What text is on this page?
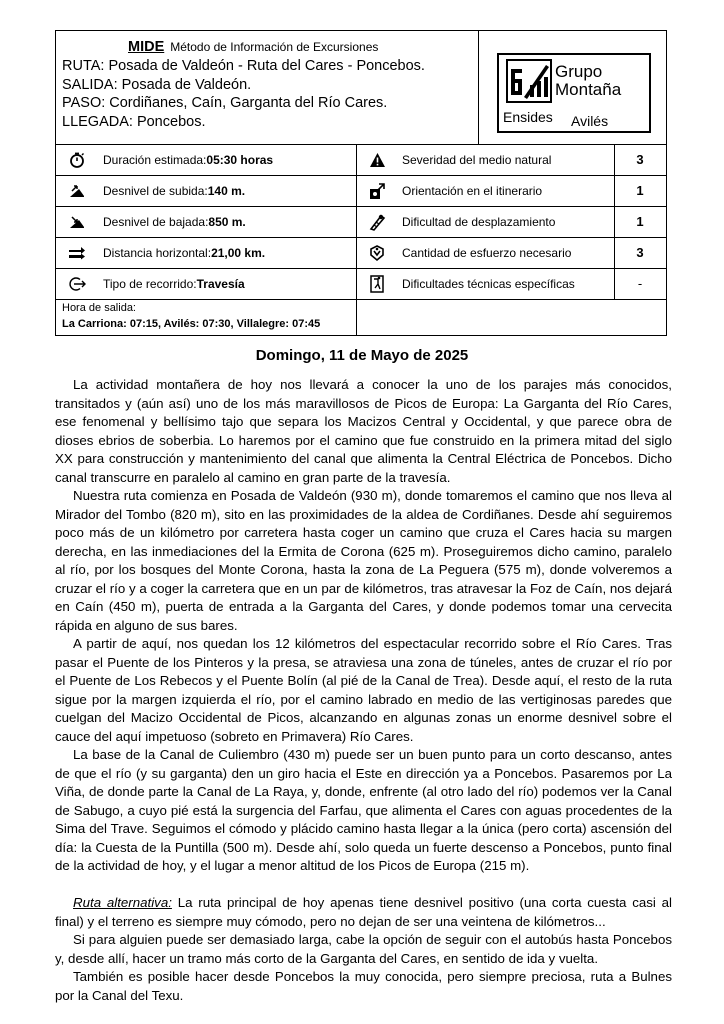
MIDE Método de Información de Excursiones
RUTA: Posada de Valdeón - Ruta del Cares - Poncebos.
SALIDA: Posada de Valdeón.
PASO: Cordiñanes, Caín, Garganta del Río Cares.
LLEGADA: Poncebos.
Grupo
Montaña
Ensides Avilés
Duración estimada: 05:30 horas	Severidad del medio natural	3
Desnivel de subida: 140 m.	Orientación en el itinerario	1
Desnivel de bajada: 850 m.	Dificultad de desplazamiento	1
Distancia horizontal: 21,00 km.	Cantidad de esfuerzo necesario	3
Tipo de recorrido: Travesía	Dificultades técnicas específicas	-
Hora de salida:
La Carriona: 07:15, Avilés: 07:30, Villalegre: 07:45
Domingo, 11 de Mayo de 2025

La actividad montañera de hoy nos llevará a conocer la uno de los parajes más conocidos, transitados y (aún así) uno de los más maravillosos de Picos de Europa: La Garganta del Río Cares, ese fenomenal y bellísimo tajo que separa los Macizos Central y Occidental, y que parece obra de dioses ebrios de soberbia. Lo haremos por el camino que fue construido en la primera mitad del siglo XX para construcción y mantenimiento del canal que alimenta la Central Eléctrica de Poncebos. Dicho canal transcurre en paralelo al camino en gran parte de la travesía.

Nuestra ruta comienza en Posada de Valdeón (930 m), donde tomaremos el camino que nos lleva al Mirador del Tombo (820 m), sito en las proximidades de la aldea de Cordiñanes. Desde ahí seguiremos poco más de un kilómetro por carretera hasta coger un camino que cruza el Cares hacia su margen derecha, en las inmediaciones del la Ermita de Corona (625 m). Proseguiremos dicho camino, paralelo al río, por los bosques del Monte Corona, hasta la zona de La Peguera (575 m), donde volveremos a cruzar el río y a coger la carretera que en un par de kilómetros, tras atravesar la Foz de Caín, nos dejará en Caín (450 m), puerta de entrada a la Garganta del Cares, y donde podemos tomar una cervecita rápida en alguno de sus bares.

A partir de aquí, nos quedan los 12 kilómetros del espectacular recorrido sobre el Río Cares. Tras pasar el Puente de los Pinteros y la presa, se atraviesa una zona de túneles, antes de cruzar el río por el Puente de Los Rebecos y el Puente Bolín (al pié de la Canal de Trea). Desde aquí, el resto de la ruta sigue por la margen izquierda el río, por el camino labrado en medio de las vertiginosas paredes que cuelgan del Macizo Occidental de Picos, alcanzando en algunas zonas un enorme desnivel sobre el cauce del aquí impetuoso (sobreto en Primavera) Río Cares.

La base de la Canal de Culiembro (430 m) puede ser un buen punto para un corto descanso, antes de que el río (y su garganta) den un giro hacia el Este en dirección ya a Poncebos. Pasaremos por La Viña, de donde parte la Canal de La Raya, y, donde, enfrente (al otro lado del río) podemos ver la Canal de Sabugo, a cuyo pié está la surgencia del Farfau, que alimenta el Cares con aguas procedentes de la Sima del Trave. Seguimos el cómodo y plácido camino hasta llegar a la única (pero corta) ascensión del día: la Cuesta de la Puntilla (500 m). Desde ahí, solo queda un fuerte descenso a Poncebos, punto final de la actividad de hoy, y el lugar a menor altitud de los Picos de Europa (215 m).

Ruta alternativa: La ruta principal de hoy apenas tiene desnivel positivo (una corta cuesta casi al final) y el terreno es siempre muy cómodo, pero no dejan de ser una veintena de kilómetros...

Si para alguien puede ser demasiado larga, cabe la opción de seguir con el autobús hasta Poncebos y, desde allí, hacer un tramo más corto de la Garganta del Cares, en sentido de ida y vuelta.

También es posible hacer desde Poncebos la muy conocida, pero siempre preciosa, ruta a Bulnes por la Canal del Texu.
